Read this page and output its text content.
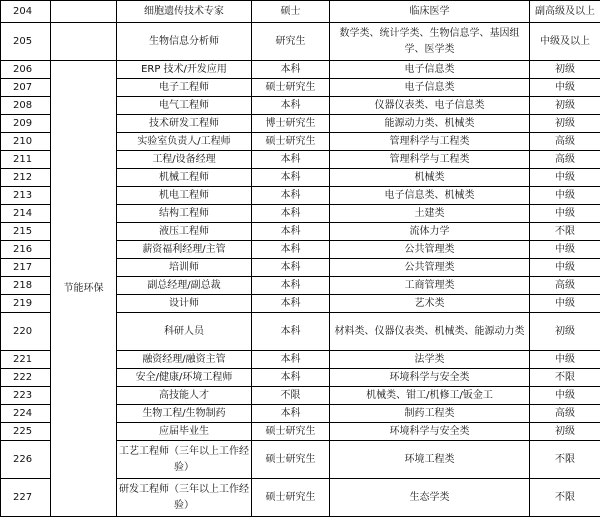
204		细胞遗传技术专家	硕士	临床医学	副高级及以上
205		生物信息分析师	研究生	数学类、统计学类、生物信息学、基因组学、医学类	中级及以上
206	节能环保	ERP 技术/开发应用	本科	电子信息类	初级
207		电子工程师	硕士研究生	电子信息类	中级
208		电气工程师	本科	仪器仪表类、电子信息类	初级
209		技术研发工程师	博士研究生	能源动力类、机械类	初级
210		实验室负责人/工程师	硕士研究生	管理科学与工程类	高级
211		工程/设备经理	本科	管理科学与工程类	高级
212		机械工程师	本科	机械类	中级
213		机电工程师	本科	电子信息类、机械类	中级
214		结构工程师	本科	土建类	中级
215		液压工程师	本科	流体力学	不限
216		薪资福利经理/主管	本科	公共管理类	中级
217		培训师	本科	公共管理类	中级
218		副总经理/副总裁	本科	工商管理类	高级
219		设计师	本科	艺术类	中级
220		科研人员	本科	材料类、仪器仪表类、机械类、能源动力类	初级
221		融资经理/融资主管	本科	法学类	中级
222		安全/健康/环境工程师	本科	环境科学与安全类	不限
223		高技能人才	不限	机械类、钳工/机修工/钣金工	中级
224		生物工程/生物制药	本科	制药工程类	高级
225		应届毕业生	硕士研究生	环境科学与安全类	初级
226		工艺工程师（三年以上工作经验）	硕士研究生	环境工程类	不限
227		研发工程师（三年以上工作经验）	硕士研究生	生态学类	不限
